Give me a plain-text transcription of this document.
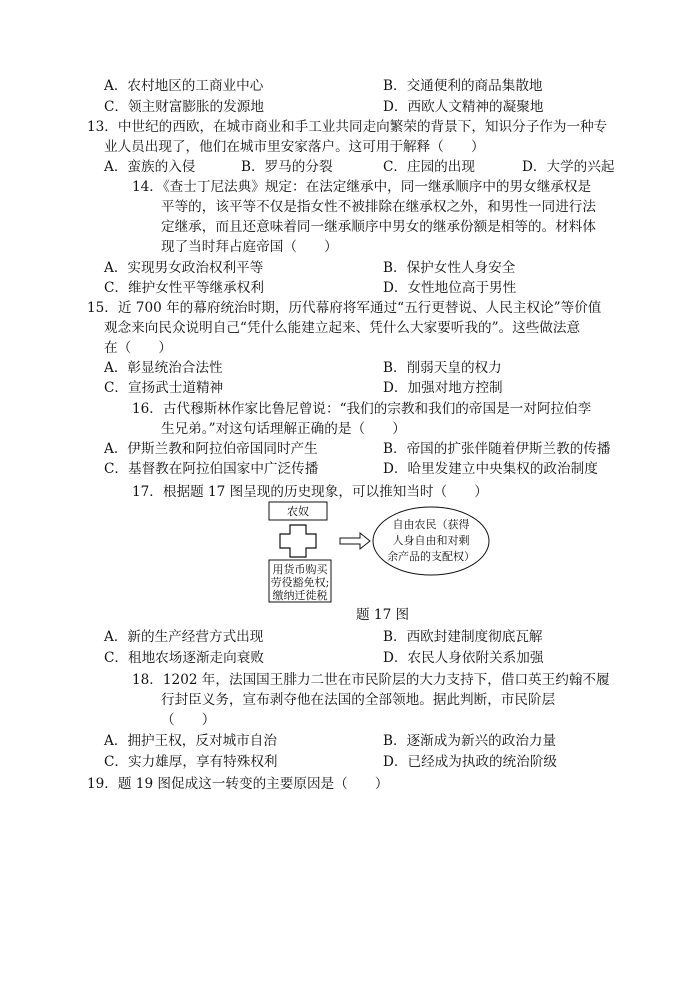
A．农村地区的工商业中心	B．交通便利的商品集散地
C．领主财富膨胀的发源地	D．西欧人文精神的凝聚地
13．中世纪的西欧，在城市商业和手工业共同走向繁荣的背景下，知识分子作为一种专
业人员出现了，他们在城市里安家落户。这可用于解释（　　）
A．蛮族的入侵	B．罗马的分裂	C．庄园的出现	D．大学的兴起
14．《查士丁尼法典》规定：在法定继承中，同一继承顺序中的男女继承权是
平等的，该平等不仅是指女性不被排除在继承权之外，和男性一同进行法
定继承，而且还意味着同一继承顺序中男女的继承份额是相等的。材料体
现了当时拜占庭帝国（　　）
A．实现男女政治权利平等	B．保护女性人身安全
C．维护女性平等继承权利	D．女性地位高于男性
15．近 700 年的幕府统治时期，历代幕府将军通过“五行更替说、人民主权论”等价值
观念来向民众说明自己“凭什么能建立起来、凭什么大家要听我的”。这些做法意
在（　　）
A．彰显统治合法性	B．削弱天皇的权力
C．宣扬武士道精神	D．加强对地方控制
16．古代穆斯林作家比鲁尼曾说：“我们的宗教和我们的帝国是一对阿拉伯孪
生兄弟。”对这句话理解正确的是（　　）
A．伊斯兰教和阿拉伯帝国同时产生	B．帝国的扩张伴随着伊斯兰教的传播
C．基督教在阿拉伯国家中广泛传播	D．哈里发建立中央集权的政治制度
17．根据题 17 图呈现的历史现象，可以推知当时（　　）
农奴
用货币购买
劳役豁免权;
缴纳迁徙税
自由农民（获得
人身自由和对剩
余产品的支配权）
题 17 图
A．新的生产经营方式出现	B．西欧封建制度彻底瓦解
C．租地农场逐渐走向衰败	D．农民人身依附关系加强
18．1202 年，法国国王腓力二世在市民阶层的大力支持下，借口英王约翰不履
行封臣义务，宣布剥夺他在法国的全部领地。据此判断，市民阶层
（　　）
A．拥护王权，反对城市自治	B．逐渐成为新兴的政治力量
C．实力雄厚，享有特殊权利	D．已经成为执政的统治阶级
19．题 19 图促成这一转变的主要原因是（　　）
